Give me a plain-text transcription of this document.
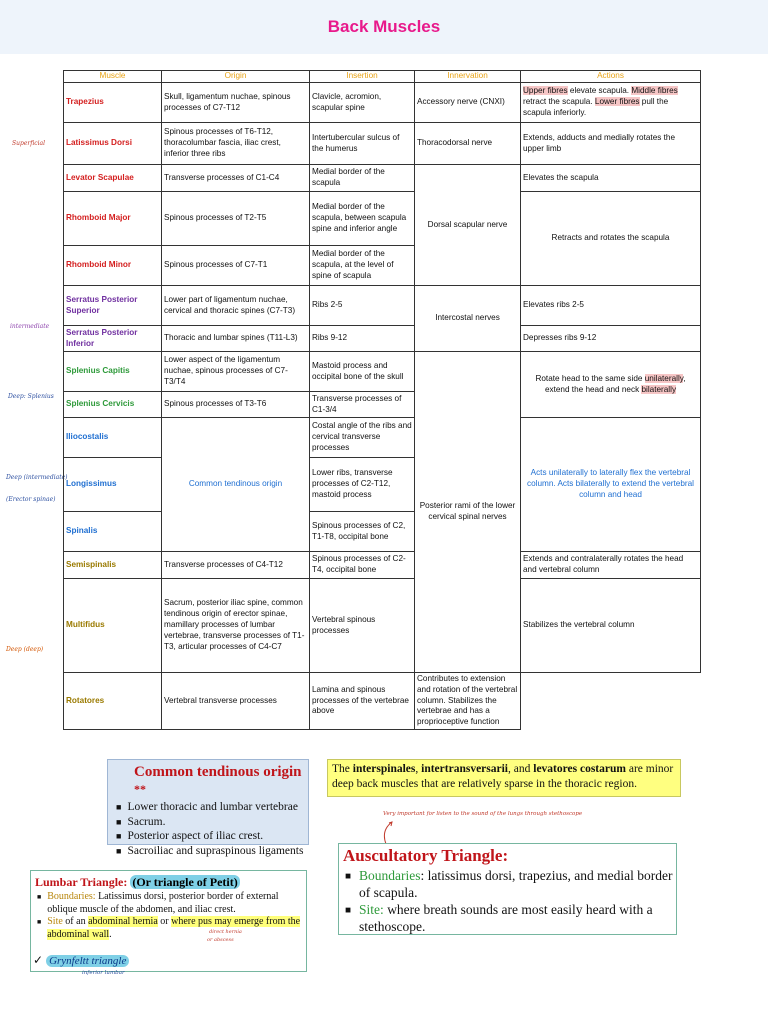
Back Muscles
Superficial
intermediate
Deep: Splenius
Deep (intermediate)
(Erector spinae)
Deep (deep)
Muscle	Origin	Insertion	Innervation	Actions
Trapezius	Skull, ligamentum nuchae, spinous processes of C7-T12	Clavicle, acromion, scapular spine	Accessory nerve (CNXI)	Upper fibres elevate scapula. Middle fibres retract the scapula. Lower fibres pull the scapula inferiorly.
Latissimus Dorsi	Spinous processes of T6-T12, thoracolumbar fascia, iliac crest, inferior three ribs	Intertubercular sulcus of the humerus	Thoracodorsal nerve	Extends, adducts and medially rotates the upper limb
Levator Scapulae	Transverse processes of C1-C4	Medial border of the scapula	Dorsal scapular nerve	Elevates the scapula
Rhomboid Major	Spinous processes of T2-T5	Medial border of the scapula, between scapula spine and inferior angle		Retracts and rotates the scapula
Rhomboid Minor	Spinous processes of C7-T1	Medial border of the scapula, at the level of spine of scapula		
Serratus Posterior Superior	Lower part of ligamentum nuchae, cervical and thoracic spines (C7-T3)	Ribs 2-5	Intercostal nerves	Elevates ribs 2-5
Serratus Posterior Inferior	Thoracic and lumbar spines (T11-L3)	Ribs 9-12		Depresses ribs 9-12
Splenius Capitis	Lower aspect of the ligamentum nuchae, spinous processes of C7-T3/T4	Mastoid process and occipital bone of the skull	Posterior rami of the lower cervical spinal nerves	Rotate head to the same side unilaterally, extend the head and neck bilaterally
Splenius Cervicis	Spinous processes of T3-T6	Transverse processes of C1-3/4		
Iliocostalis	Common tendinous origin	Costal angle of the ribs and cervical transverse processes		Acts unilaterally to laterally flex the vertebral column. Acts bilaterally to extend the vertebral column and head
Longissimus		Lower ribs, transverse processes of C2-T12, mastoid process		
Spinalis		Spinous processes of C2, T1-T8, occipital bone		
Semispinalis	Transverse processes of C4-T12	Spinous processes of C2-T4, occipital bone		Extends and contralaterally rotates the head and vertebral column
Multifidus	Sacrum, posterior iliac spine, common tendinous origin of erector spinae, mamillary processes of lumbar vertebrae, transverse processes of T1-T3, articular processes of C4-C7	Vertebral spinous processes		Stabilizes the vertebral column
Rotatores	Vertebral transverse processes	Lamina and spinous processes of the vertebrae above	Contributes to extension and rotation of the vertebral column. Stabilizes the vertebrae and has a proprioceptive function	
Common tendinous origin **
■ Lower thoracic and lumbar vertebrae
■ Sacrum.
■ Posterior aspect of iliac crest.
■ Sacroiliac and supraspinous ligaments
The interspinales, intertransversarii, and levatores costarum are minor deep back muscles that are relatively sparse in the thoracic region.
Very important for listen to the sound of the lungs through stethoscope
Auscultatory Triangle:
■ Boundaries: latissimus dorsi, trapezius, and medial border of scapula.
■ Site: where breath sounds are most easily heard with a stethoscope.
Lumbar Triangle: (Or triangle of Petit)
■ Boundaries: Latissimus dorsi, posterior border of external oblique muscle of the abdomen, and iliac crest.
■ Site of an abdominal hernia or where pus may emerge from the abdominal wall.
✓ Grynfeltt triangle
direct hernia
or abscess
inferior lumbar
